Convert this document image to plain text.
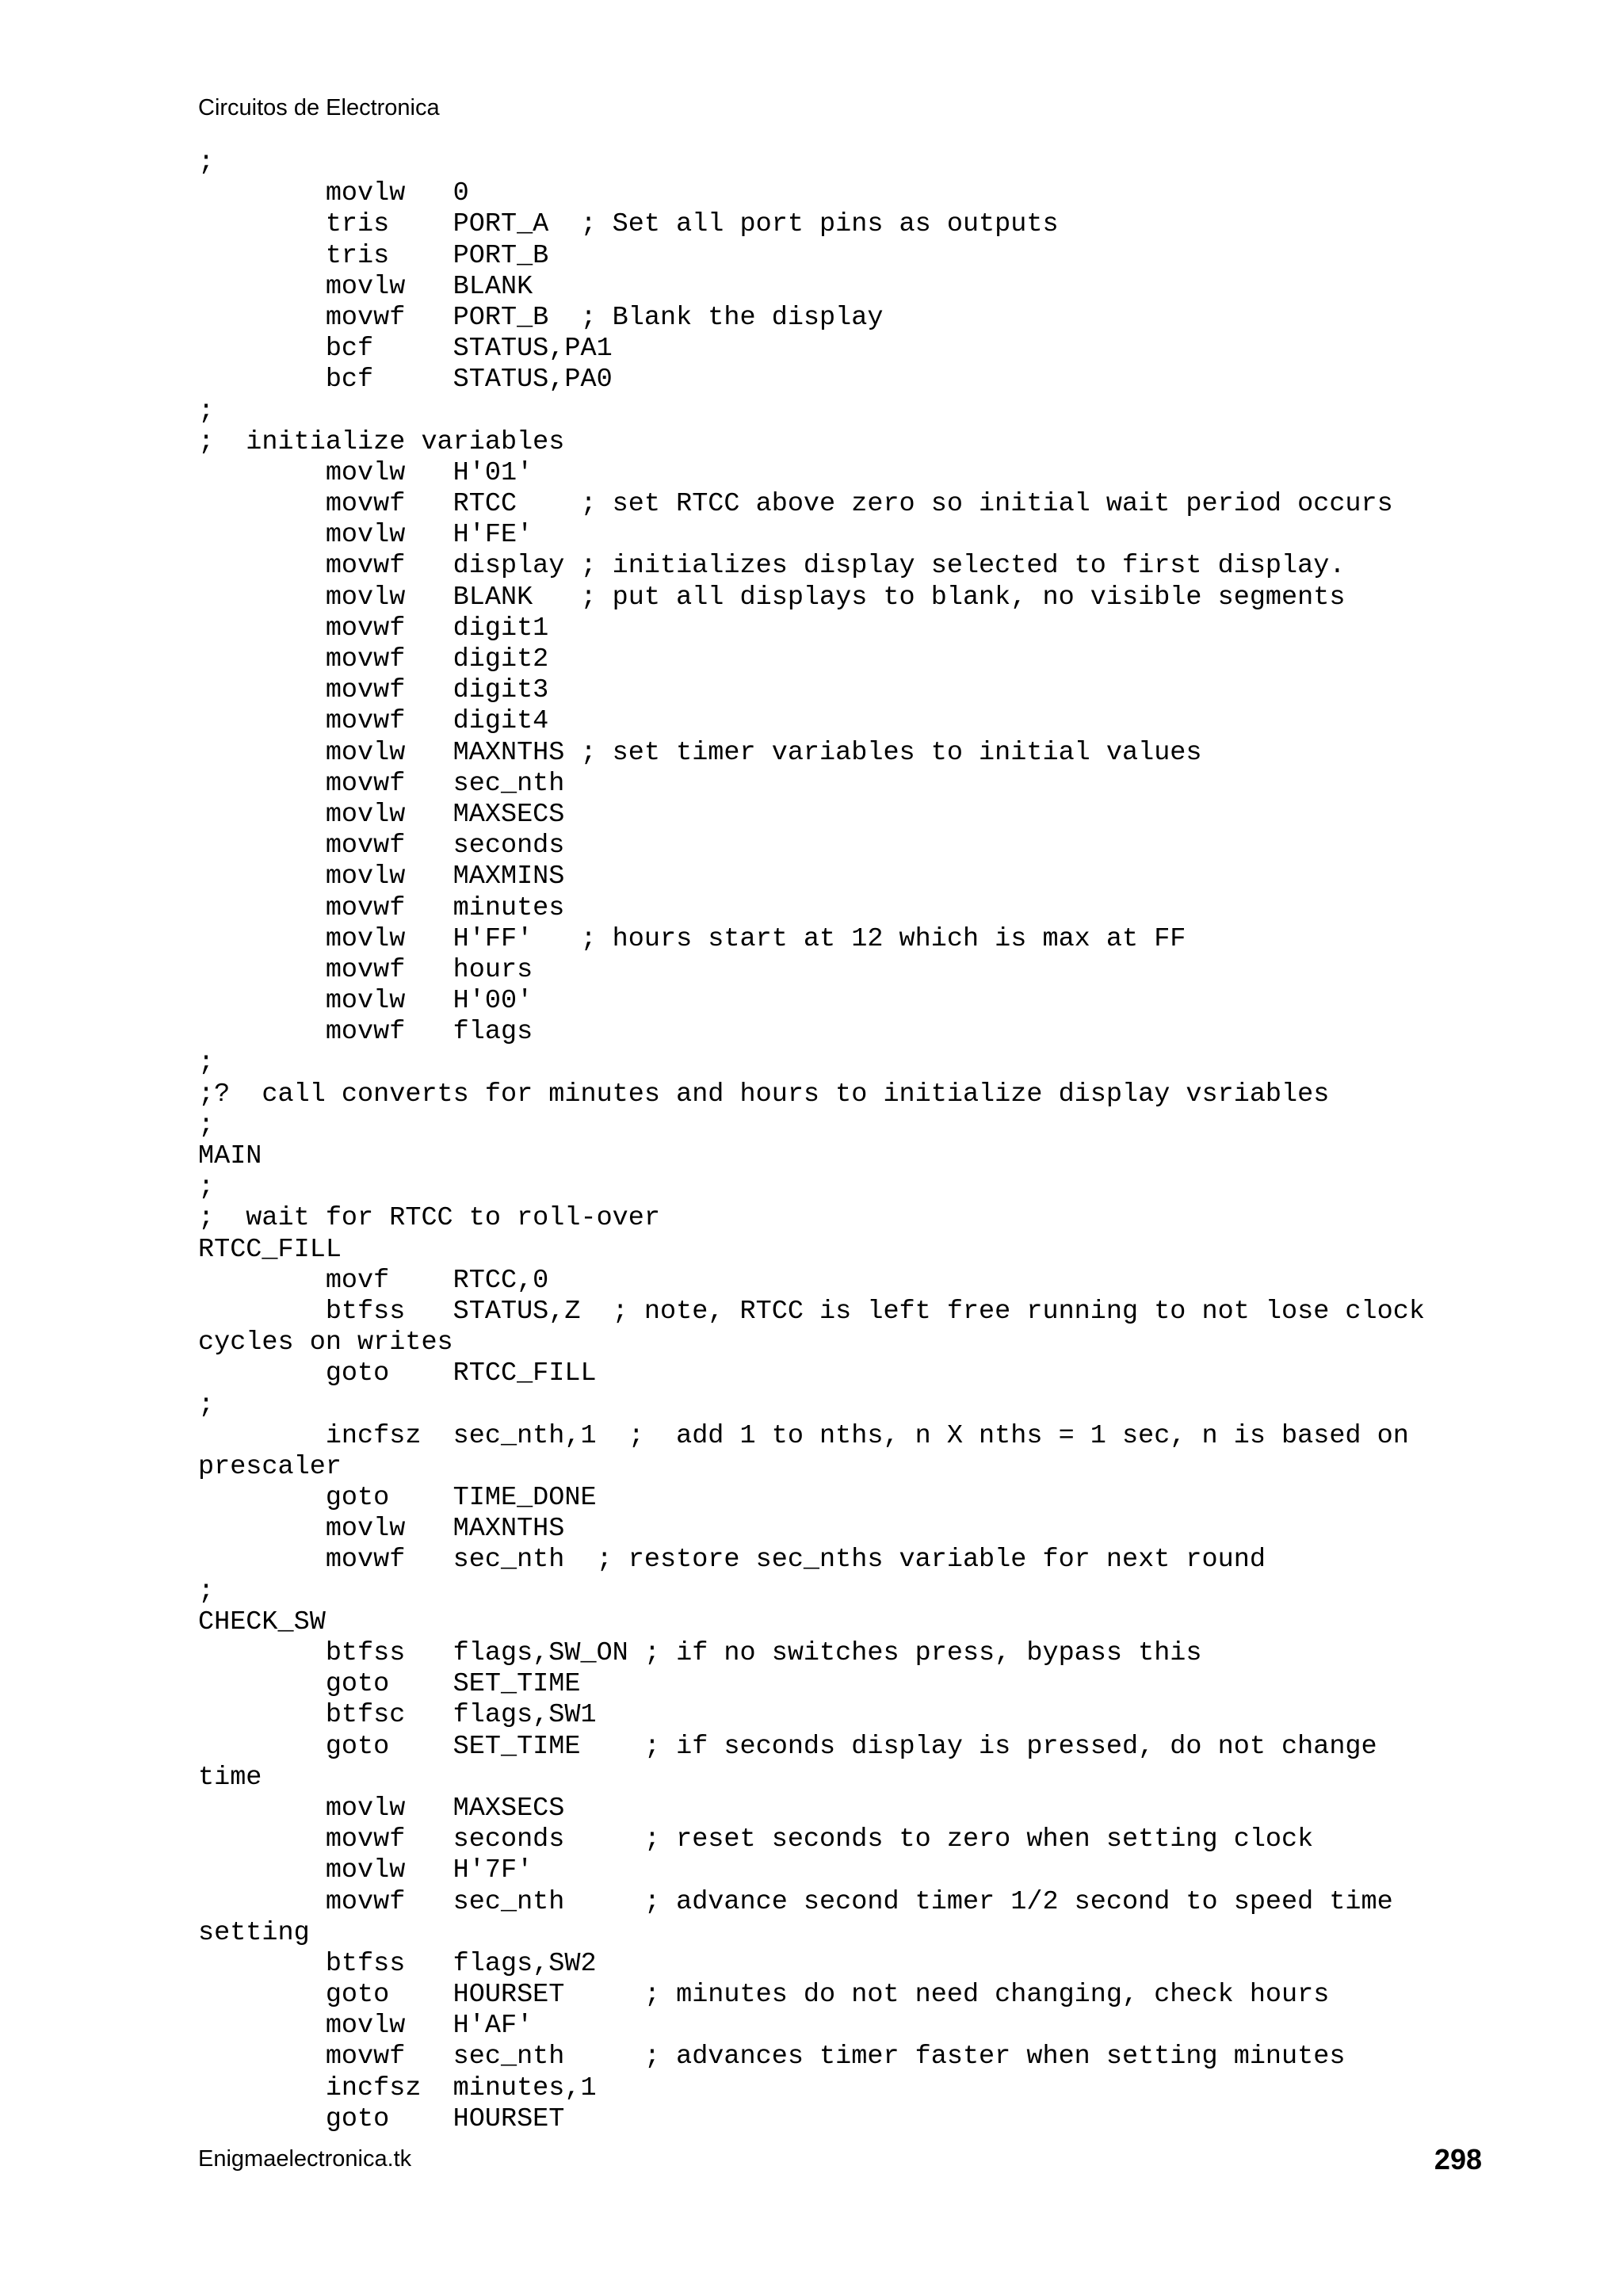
Circuitos de Electronica
;
movlw   0
tris    PORT_A  ; Set all port pins as outputs
tris    PORT_B
movlw   BLANK
movwf   PORT_B  ; Blank the display
bcf     STATUS,PA1
bcf     STATUS,PA0
;
;  initialize variables
movlw   H'01'
movwf   RTCC    ; set RTCC above zero so initial wait period occurs
movlw   H'FE'
movwf   display ; initializes display selected to first display.
movlw   BLANK   ; put all displays to blank, no visible segments
movwf   digit1
movwf   digit2
movwf   digit3
movwf   digit4
movlw   MAXNTHS ; set timer variables to initial values
movwf   sec_nth
movlw   MAXSECS
movwf   seconds
movlw   MAXMINS
movwf   minutes
movlw   H'FF'   ; hours start at 12 which is max at FF
movwf   hours
movlw   H'00'
movwf   flags
;
;?  call converts for minutes and hours to initialize display vsriables
;
MAIN
;
;  wait for RTCC to roll-over
RTCC_FILL
movf    RTCC,0
btfss   STATUS,Z  ; note, RTCC is left free running to not lose clock
cycles on writes
goto    RTCC_FILL
;
incfsz  sec_nth,1  ;  add 1 to nths, n X nths = 1 sec, n is based on
prescaler
goto    TIME_DONE
movlw   MAXNTHS
movwf   sec_nth  ; restore sec_nths variable for next round
;
CHECK_SW
btfss   flags,SW_ON ; if no switches press, bypass this
goto    SET_TIME
btfsc   flags,SW1
goto    SET_TIME    ; if seconds display is pressed, do not change
time
movlw   MAXSECS
movwf   seconds     ; reset seconds to zero when setting clock
movlw   H'7F'
movwf   sec_nth     ; advance second timer 1/2 second to speed time
setting
btfss   flags,SW2
goto    HOURSET     ; minutes do not need changing, check hours
movlw   H'AF'
movwf   sec_nth     ; advances timer faster when setting minutes
incfsz  minutes,1
goto    HOURSET
Enigmaelectronica.tk	298
